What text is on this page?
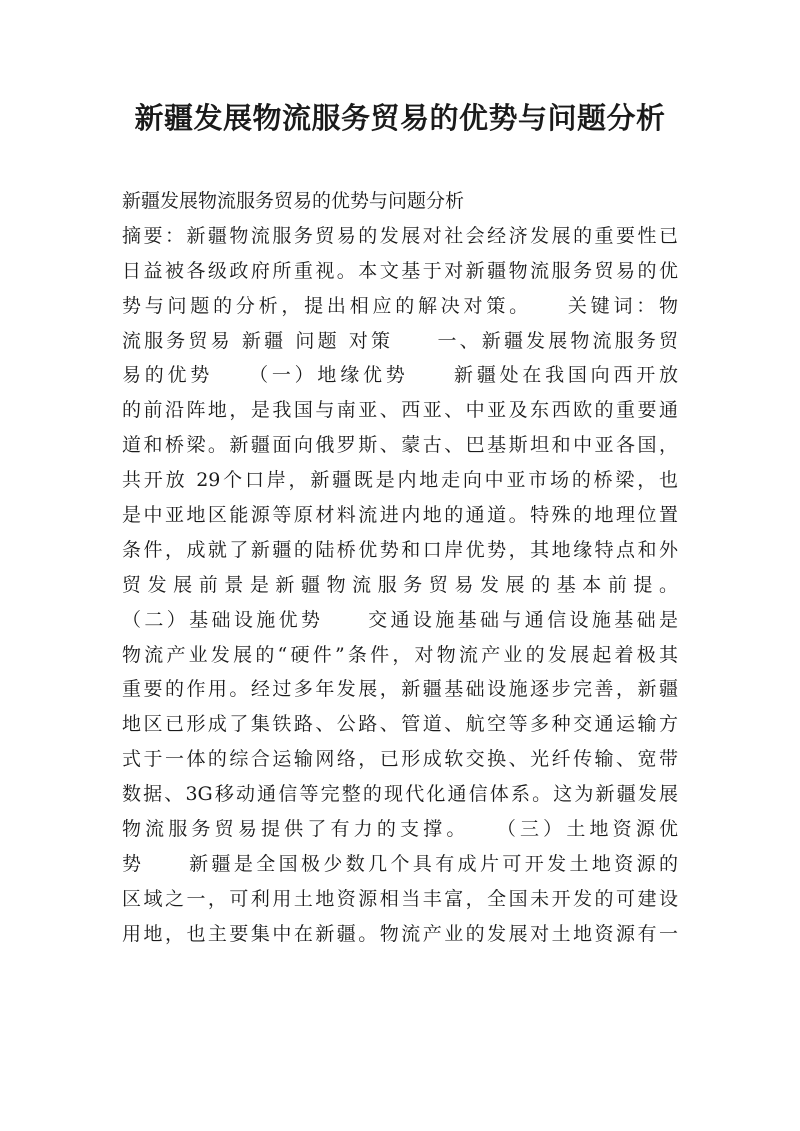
新疆发展物流服务贸易的优势与问题分析
新疆发展物流服务贸易的优势与问题分析
摘要：新疆物流服务贸易的发展对社会经济发展的重要性已
日益被各级政府所重视。本文基于对新疆物流服务贸易的优
势与问题的分析，提出相应的解决对策。　　关键词：物
流服务贸易 新疆 问题 对策　　一、新疆发展物流服务贸
易的优势　　（一）地缘优势　　新疆处在我国向西开放
的前沿阵地，是我国与南亚、西亚、中亚及东西欧的重要通
道和桥梁。新疆面向俄罗斯、蒙古、巴基斯坦和中亚各国，
共开放 29个口岸，新疆既是内地走向中亚市场的桥梁，也
是中亚地区能源等原材料流进内地的通道。特殊的地理位置
条件，成就了新疆的陆桥优势和口岸优势，其地缘特点和外
贸发展前景是新疆物流服务贸易发展的基本前提。
（二）基础设施优势　　交通设施基础与通信设施基础是
物流产业发展的“硬件”条件，对物流产业的发展起着极其
重要的作用。经过多年发展，新疆基础设施逐步完善，新疆
地区已形成了集铁路、公路、管道、航空等多种交通运输方
式于一体的综合运输网络，已形成软交换、光纤传输、宽带
数据、3G移动通信等完整的现代化通信体系。这为新疆发展
物流服务贸易提供了有力的支撑。　　（三）土地资源优
势　　新疆是全国极少数几个具有成片可开发土地资源的
区域之一，可利用土地资源相当丰富，全国未开发的可建设
用地，也主要集中在新疆。物流产业的发展对土地资源有一
